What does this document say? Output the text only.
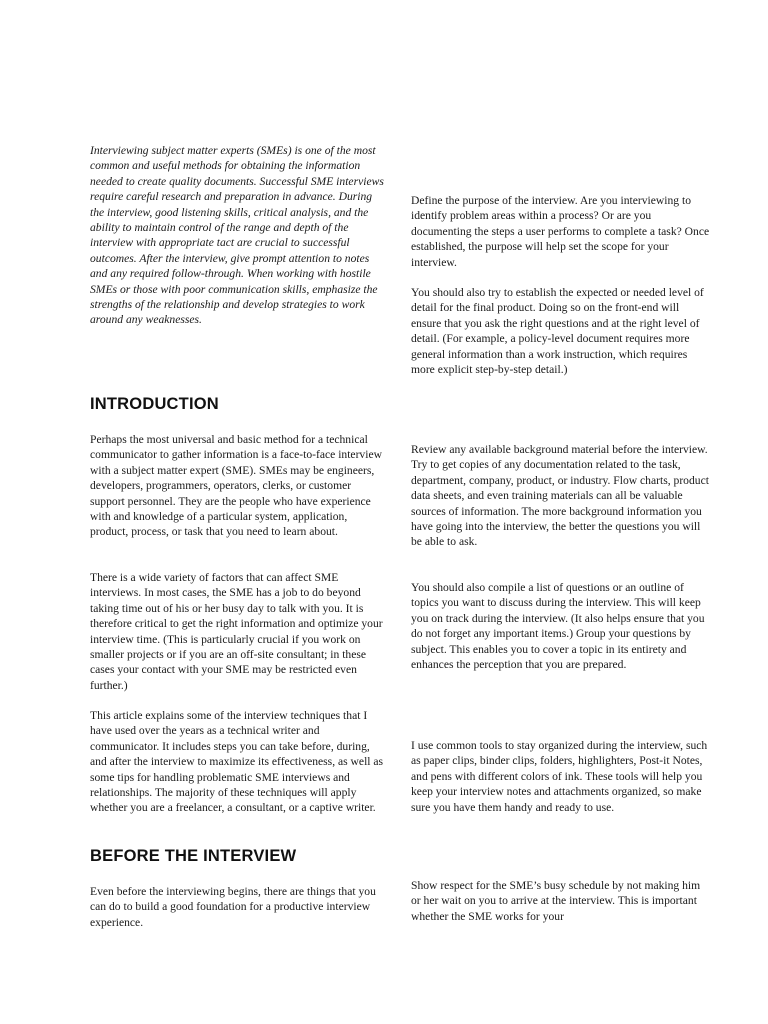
Interviewing subject matter experts (SMEs) is one of the most common and useful methods for obtaining the information needed to create quality documents. Successful SME interviews require careful research and preparation in advance. During the interview, good listening skills, critical analysis, and the ability to maintain control of the range and depth of the interview with appropriate tact are crucial to successful outcomes. After the interview, give prompt attention to notes and any required follow-through. When working with hostile SMEs or those with poor communication skills, emphasize the strengths of the relationship and develop strategies to work around any weaknesses.

INTRODUCTION

Perhaps the most universal and basic method for a technical communicator to gather information is a face-to-face interview with a subject matter expert (SME). SMEs may be engineers, developers, programmers, operators, clerks, or customer support personnel. They are the people who have experience with and knowledge of a particular system, application, product, process, or task that you need to learn about.

There is a wide variety of factors that can affect SME interviews. In most cases, the SME has a job to do beyond taking time out of his or her busy day to talk with you. It is therefore critical to get the right information and optimize your interview time. (This is particularly crucial if you work on smaller projects or if you are an off-site consultant; in these cases your contact with your SME may be restricted even further.)

This article explains some of the interview techniques that I have used over the years as a technical writer and communicator. It includes steps you can take before, during, and after the interview to maximize its effectiveness, as well as some tips for handling problematic SME interviews and relationships. The majority of these techniques will apply whether you are a freelancer, a consultant, or a captive writer.

BEFORE THE INTERVIEW

Even before the interviewing begins, there are things that you can do to build a good foundation for a productive interview experience.

Define the purpose of the interview. Are you interviewing to identify problem areas within a process? Or are you documenting the steps a user performs to complete a task? Once established, the purpose will help set the scope for your interview.

You should also try to establish the expected or needed level of detail for the final product. Doing so on the front-end will ensure that you ask the right questions and at the right level of detail. (For example, a policy-level document requires more general information than a work instruction, which requires more explicit step-by-step detail.)

Review any available background material before the interview. Try to get copies of any documentation related to the task, department, company, product, or industry. Flow charts, product data sheets, and even training materials can all be valuable sources of information. The more background information you have going into the interview, the better the questions you will be able to ask.

You should also compile a list of questions or an outline of topics you want to discuss during the interview. This will keep you on track during the interview. (It also helps ensure that you do not forget any important items.) Group your questions by subject. This enables you to cover a topic in its entirety and enhances the perception that you are prepared.

I use common tools to stay organized during the interview, such as paper clips, binder clips, folders, highlighters, Post-it Notes, and pens with different colors of ink. These tools will help you keep your interview notes and attachments organized, so make sure you have them handy and ready to use.

Show respect for the SME’s busy schedule by not making him or her wait on you to arrive at the interview. This is important whether the SME works for your
